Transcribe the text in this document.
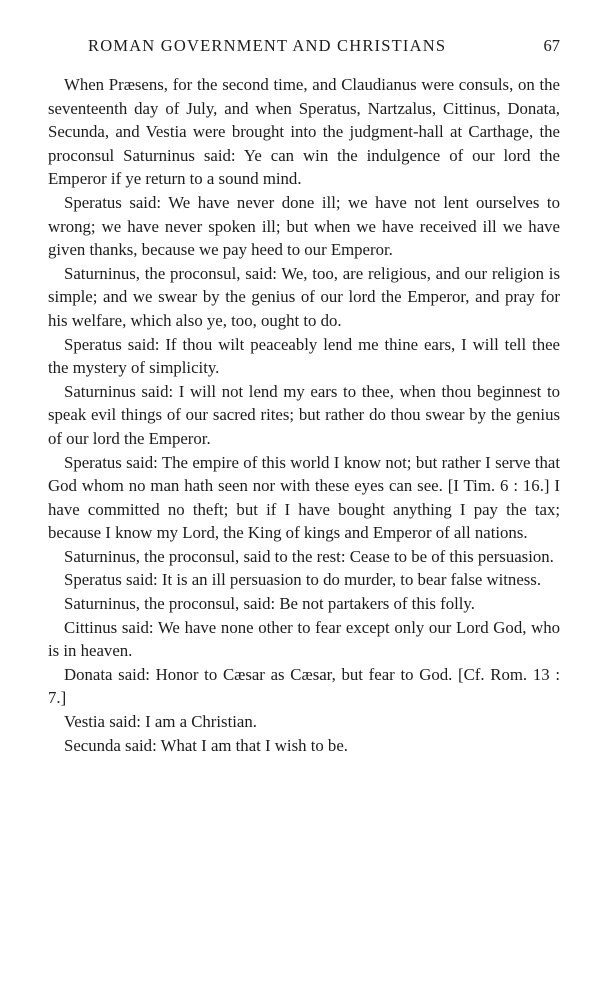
ROMAN GOVERNMENT AND CHRISTIANS	67

When Præsens, for the second time, and Claudianus were consuls, on the seventeenth day of July, and when Speratus, Nartzalus, Cittinus, Donata, Secunda, and Vestia were brought into the judgment-hall at Carthage, the proconsul Saturninus said: Ye can win the indulgence of our lord the Emperor if ye return to a sound mind.

Speratus said: We have never done ill; we have not lent ourselves to wrong; we have never spoken ill; but when we have received ill we have given thanks, because we pay heed to our Emperor.

Saturninus, the proconsul, said: We, too, are religious, and our religion is simple; and we swear by the genius of our lord the Emperor, and pray for his welfare, which also ye, too, ought to do.

Speratus said: If thou wilt peaceably lend me thine ears, I will tell thee the mystery of simplicity.

Saturninus said: I will not lend my ears to thee, when thou beginnest to speak evil things of our sacred rites; but rather do thou swear by the genius of our lord the Emperor.

Speratus said: The empire of this world I know not; but rather I serve that God whom no man hath seen nor with these eyes can see. [I Tim. 6 : 16.] I have committed no theft; but if I have bought anything I pay the tax; because I know my Lord, the King of kings and Emperor of all nations.

Saturninus, the proconsul, said to the rest: Cease to be of this persuasion.

Speratus said: It is an ill persuasion to do murder, to bear false witness.

Saturninus, the proconsul, said: Be not partakers of this folly.

Cittinus said: We have none other to fear except only our Lord God, who is in heaven.

Donata said: Honor to Cæsar as Cæsar, but fear to God. [Cf. Rom. 13 : 7.]

Vestia said: I am a Christian.

Secunda said: What I am that I wish to be.
